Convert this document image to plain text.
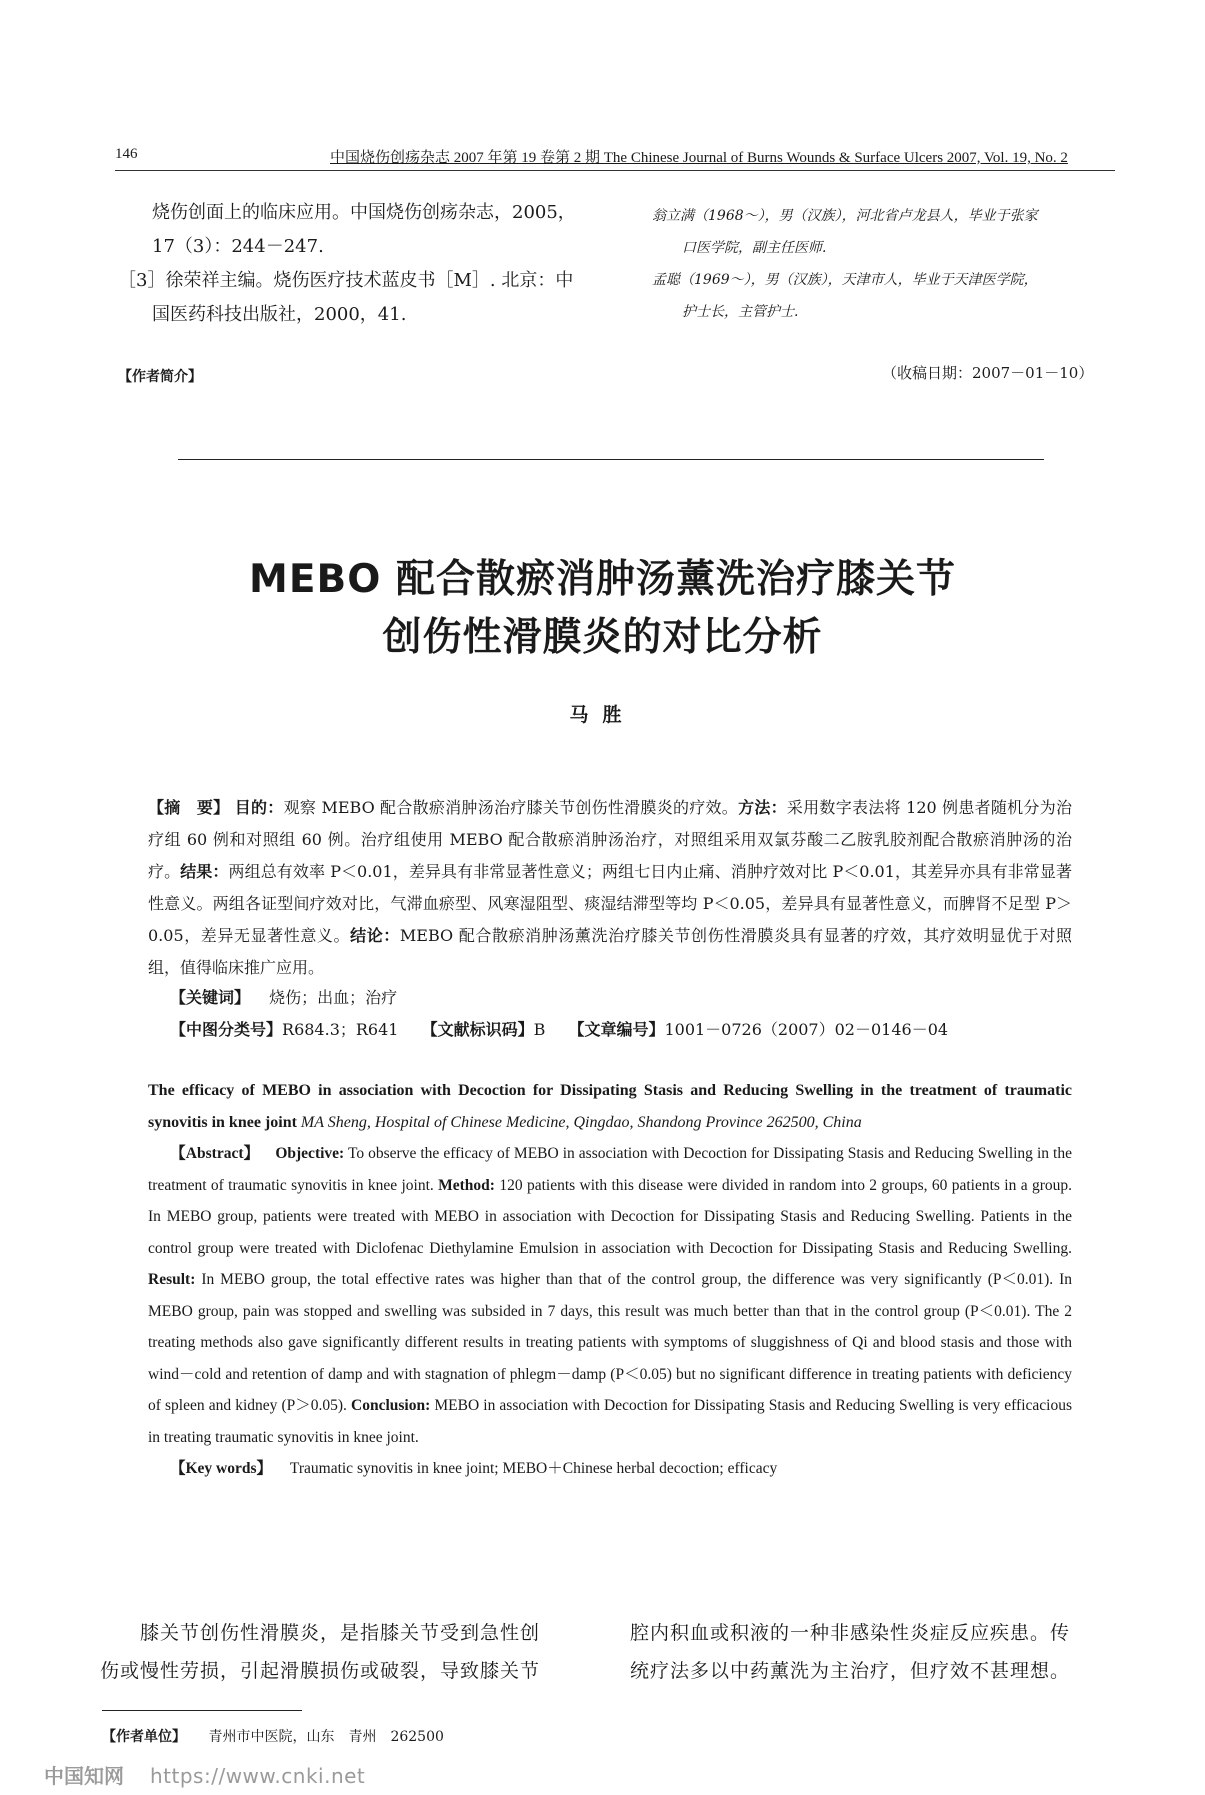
146	中国烧伤创疡杂志 2007 年第 19 卷第 2 期 The Chinese Journal of Burns Wounds & Surface Ulcers 2007, Vol. 19, No. 2
烧伤创面上的临床应用。中国烧伤创疡杂志，2005，
17（3）：244－247.
［3］徐荣祥主编。烧伤医疗技术蓝皮书［M］. 北京：中
国医药科技出版社，2000，41.
【作者简介】
翁立满（1968～），男（汉族），河北省卢龙县人，毕业于张家
口医学院，副主任医师.
孟聪（1969～），男（汉族），天津市人，毕业于天津医学院，
护士长，主管护士.
（收稿日期：2007－01－10）
MEBO 配合散瘀消肿汤薰洗治疗膝关节
创伤性滑膜炎的对比分析
马胜
【摘　要】 目的：观察 MEBO 配合散瘀消肿汤治疗膝关节创伤性滑膜炎的疗效。方法：采用数字表法将 120 例患者随机分为治疗组 60 例和对照组 60 例。治疗组使用 MEBO 配合散瘀消肿汤治疗，对照组采用双氯芬酸二乙胺乳胶剂配合散瘀消肿汤的治疗。结果：两组总有效率 P＜0.01，差异具有非常显著性意义；两组七日内止痛、消肿疗效对比 P＜0.01，其差异亦具有非常显著性意义。两组各证型间疗效对比，气滞血瘀型、风寒湿阻型、痰湿结滞型等均 P＜0.05，差异具有显著性意义，而脾肾不足型 P＞0.05，差异无显著性意义。结论：MEBO 配合散瘀消肿汤薰洗治疗膝关节创伤性滑膜炎具有显著的疗效，其疗效明显优于对照组，值得临床推广应用。
【关键词】 烧伤；出血；治疗
【中图分类号】R684.3；R641 【文献标识码】B 【文章编号】1001－0726（2007）02－0146－04
The efficacy of MEBO in association with Decoction for Dissipating Stasis and Reducing Swelling in the treatment of traumatic synovitis in knee joint MA Sheng, Hospital of Chinese Medicine, Qingdao, Shandong Province 262500, China
【Abstract】 Objective: To observe the efficacy of MEBO in association with Decoction for Dissipating Stasis and Reducing Swelling in the treatment of traumatic synovitis in knee joint. Method: 120 patients with this disease were divided in random into 2 groups, 60 patients in a group. In MEBO group, patients were treated with MEBO in association with Decoction for Dissipating Stasis and Reducing Swelling. Patients in the control group were treated with Diclofenac Diethylamine Emulsion in association with Decoction for Dissipating Stasis and Reducing Swelling. Result: In MEBO group, the total effective rates was higher than that of the control group, the difference was very significantly (P＜0.01). In MEBO group, pain was stopped and swelling was subsided in 7 days, this result was much better than that in the control group (P＜0.01). The 2 treating methods also gave significantly different results in treating patients with symptoms of sluggishness of Qi and blood stasis and those with wind－cold and retention of damp and with stagnation of phlegm－damp (P＜0.05) but no significant difference in treating patients with deficiency of spleen and kidney (P＞0.05). Conclusion: MEBO in association with Decoction for Dissipating Stasis and Reducing Swelling is very efficacious in treating traumatic synovitis in knee joint.
【Key words】 Traumatic synovitis in knee joint; MEBO＋Chinese herbal decoction; efficacy
膝关节创伤性滑膜炎，是指膝关节受到急性创
伤或慢性劳损，引起滑膜损伤或破裂，导致膝关节
腔内积血或积液的一种非感染性炎症反应疾患。传
统疗法多以中药薰洗为主治疗，但疗效不甚理想。
【作者单位】 青州市中医院，山东　青州　262500
中国知网 https://www.cnki.net
